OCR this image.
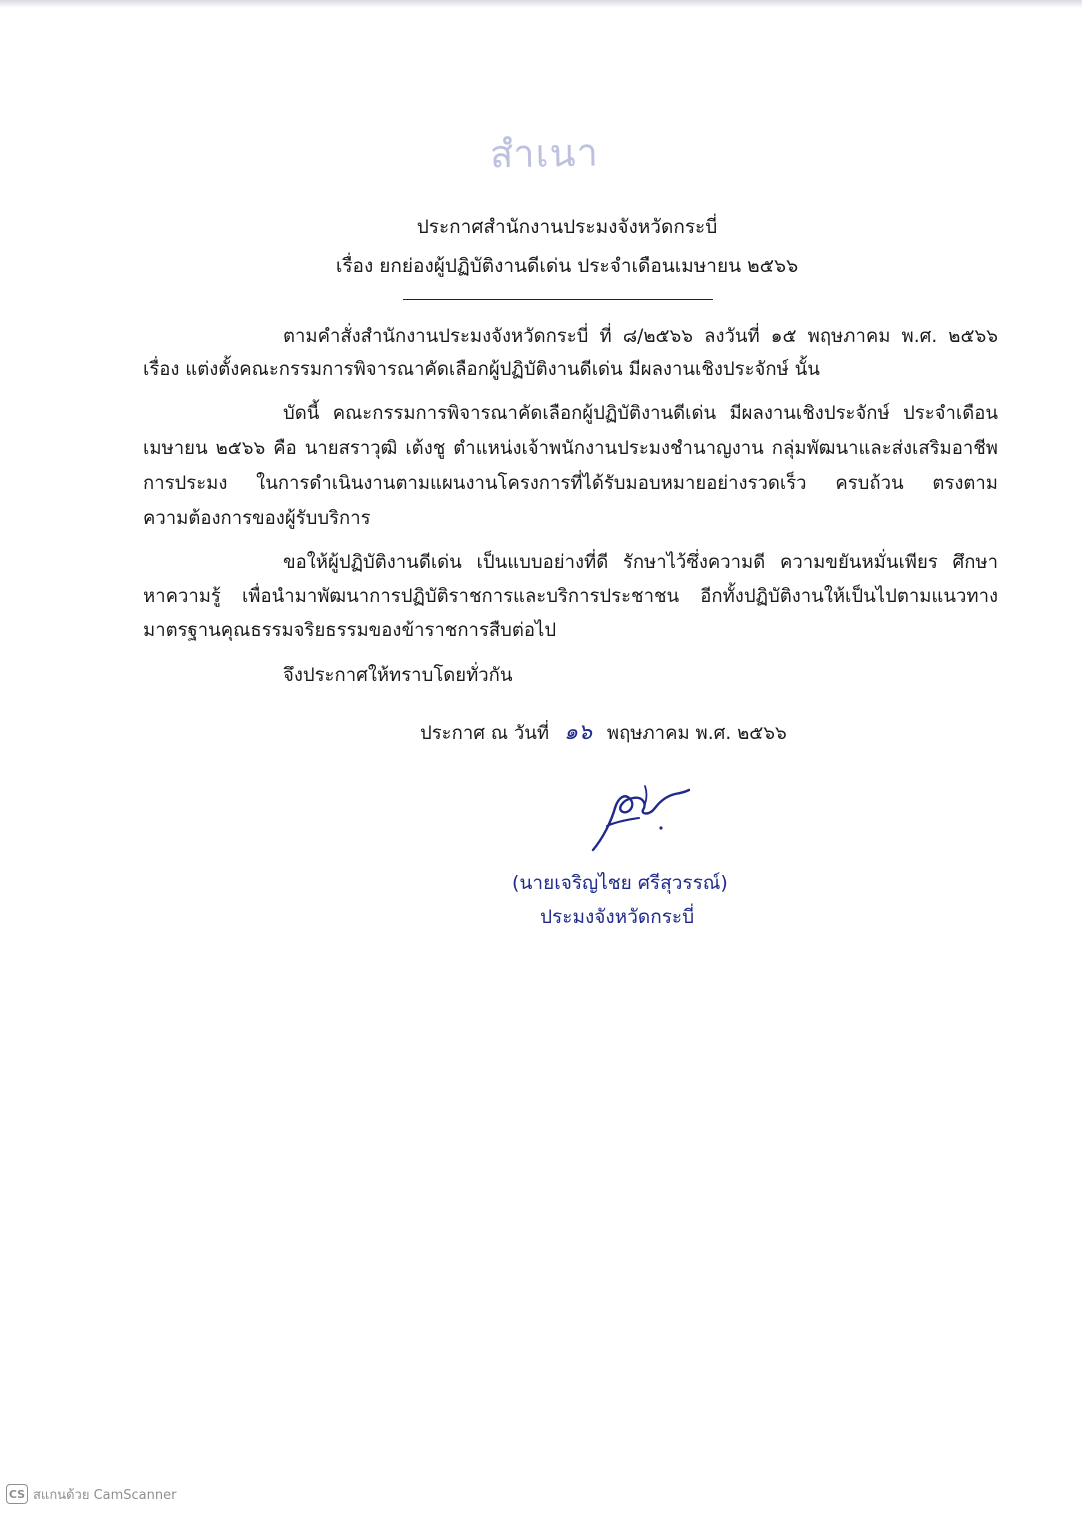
สำเนา
ประกาศสำนักงานประมงจังหวัดกระบี่
เรื่อง ยกย่องผู้ปฏิบัติงานดีเด่น ประจำเดือนเมษายน ๒๕๖๖
ตามคำสั่งสำนักงานประมงจังหวัดกระบี่ ที่ ๘/๒๕๖๖ ลงวันที่ ๑๕ พฤษภาคม พ.ศ. ๒๕๖๖
เรื่อง แต่งตั้งคณะกรรมการพิจารณาคัดเลือกผู้ปฏิบัติงานดีเด่น มีผลงานเชิงประจักษ์ นั้น
บัดนี้ คณะกรรมการพิจารณาคัดเลือกผู้ปฏิบัติงานดีเด่น มีผลงานเชิงประจักษ์ ประจำเดือน
เมษายน ๒๕๖๖ คือ นายสราวุฒิ เต้งชู ตำแหน่งเจ้าพนักงานประมงชำนาญงาน กลุ่มพัฒนาและส่งเสริมอาชีพ
การประมง ในการดำเนินงานตามแผนงานโครงการที่ได้รับมอบหมายอย่างรวดเร็ว ครบถ้วน ตรงตาม
ความต้องการของผู้รับบริการ
ขอให้ผู้ปฏิบัติงานดีเด่น เป็นแบบอย่างที่ดี รักษาไว้ซึ่งความดี ความขยันหมั่นเพียร ศึกษา
หาความรู้ เพื่อนำมาพัฒนาการปฏิบัติราชการและบริการประชาชน อีกทั้งปฏิบัติงานให้เป็นไปตามแนวทาง
มาตรฐานคุณธรรมจริยธรรมของข้าราชการสืบต่อไป
จึงประกาศให้ทราบโดยทั่วกัน
ประกาศ ณ วันที่ ๑๖ พฤษภาคม พ.ศ. ๒๕๖๖
(นายเจริญไชย ศรีสุวรรณ์)
ประมงจังหวัดกระบี่
CS สแกนด้วย CamScanner
